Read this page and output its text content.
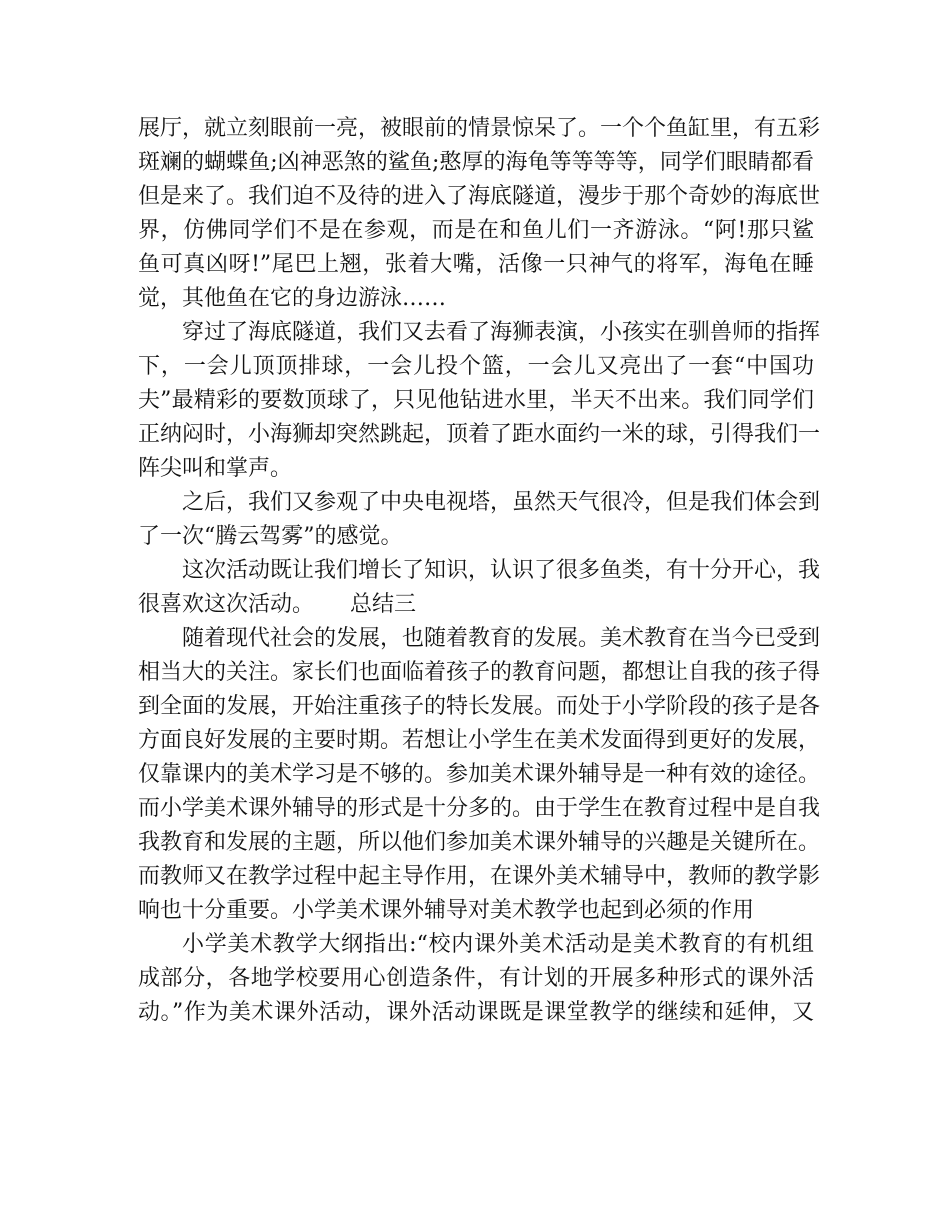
展厅，就立刻眼前一亮，被眼前的情景惊呆了。一个个鱼缸里，有五彩
斑斓的蝴蝶鱼;凶神恶煞的鲨鱼;憨厚的海龟等等等等，同学们眼睛都看
但是来了。我们迫不及待的进入了海底隧道，漫步于那个奇妙的海底世
界，仿佛同学们不是在参观，而是在和鱼儿们一齐游泳。“阿!那只鲨
鱼可真凶呀!”尾巴上翘，张着大嘴，活像一只神气的将军，海龟在睡
觉，其他鱼在它的身边游泳……
穿过了海底隧道，我们又去看了海狮表演，小孩实在驯兽师的指挥
下，一会儿顶顶排球，一会儿投个篮，一会儿又亮出了一套“中国功
夫”最精彩的要数顶球了，只见他钻进水里，半天不出来。我们同学们
正纳闷时，小海狮却突然跳起，顶着了距水面约一米的球，引得我们一
阵尖叫和掌声。
之后，我们又参观了中央电视塔，虽然天气很冷，但是我们体会到
了一次“腾云驾雾”的感觉。
这次活动既让我们增长了知识，认识了很多鱼类，有十分开心，我
很喜欢这次活动。 总结三
随着现代社会的发展，也随着教育的发展。美术教育在当今已受到
相当大的关注。家长们也面临着孩子的教育问题，都想让自我的孩子得
到全面的发展，开始注重孩子的特长发展。而处于小学阶段的孩子是各
方面良好发展的主要时期。若想让小学生在美术发面得到更好的发展，
仅靠课内的美术学习是不够的。参加美术课外辅导是一种有效的途径。
而小学美术课外辅导的形式是十分多的。由于学生在教育过程中是自我
我教育和发展的主题，所以他们参加美术课外辅导的兴趣是关键所在。
而教师又在教学过程中起主导作用，在课外美术辅导中，教师的教学影
响也十分重要。小学美术课外辅导对美术教学也起到必须的作用
小学美术教学大纲指出:“校内课外美术活动是美术教育的有机组
成部分，各地学校要用心创造条件，有计划的开展多种形式的课外活
动。”作为美术课外活动，课外活动课既是课堂教学的继续和延伸，又
